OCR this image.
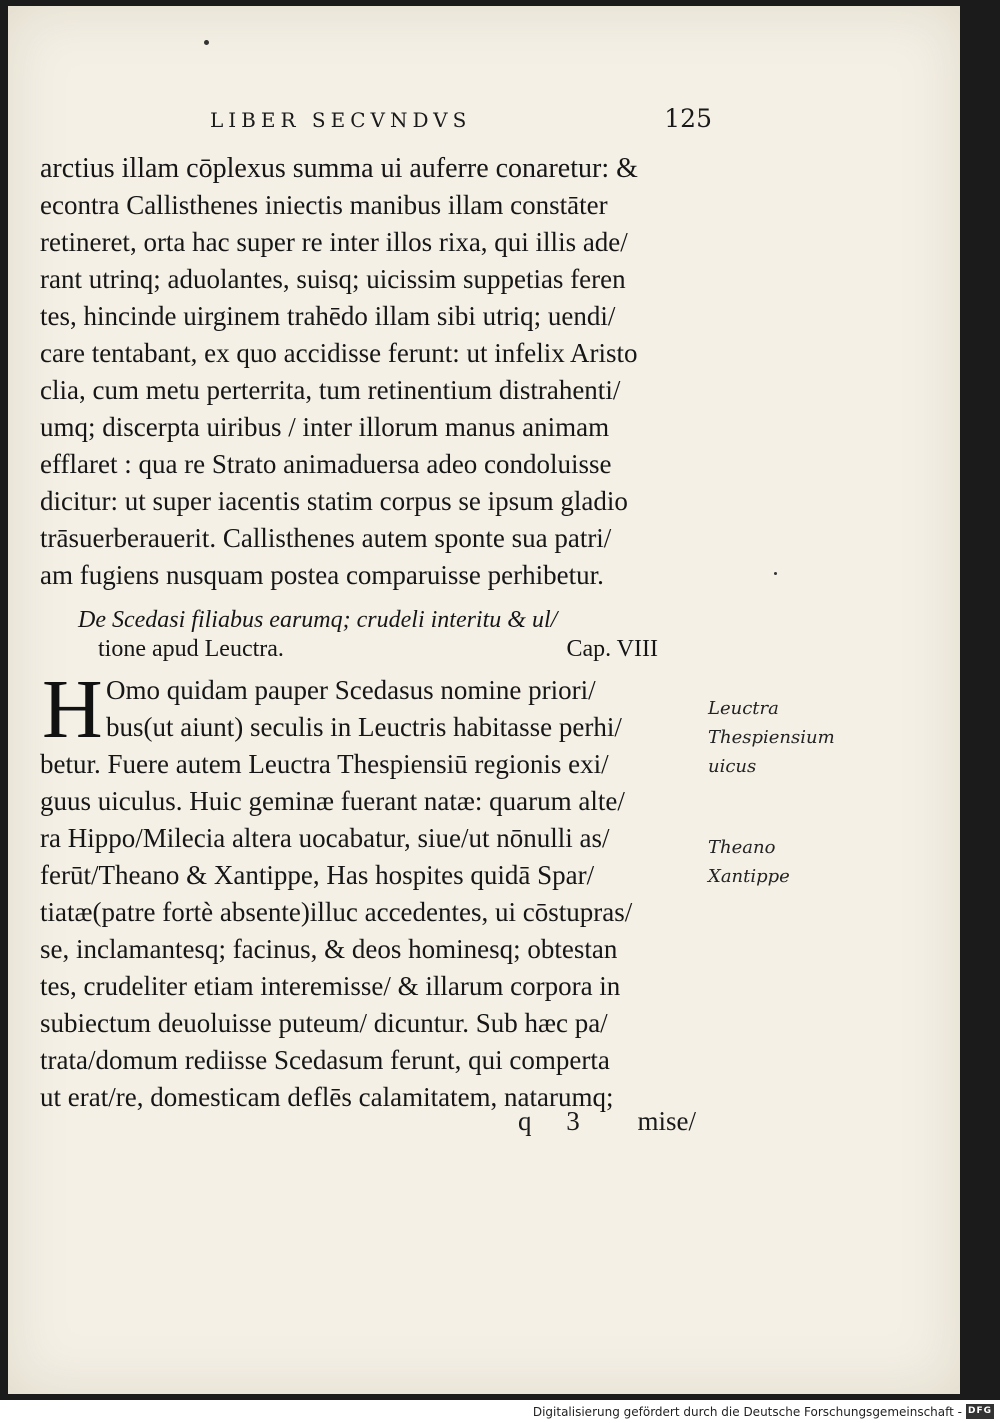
LIBER SECVNDVS	125
arctius illam cōplexus summa ui auferre conaretur: &
econtra Callisthenes iniectis manibus illam constāter
retineret, orta hac super re inter illos rixa, qui illis ade/
rant utrinq; aduolantes, suisq; uicissim suppetias feren
tes, hincinde uirginem trahēdo illam sibi utriq; uendi/
care tentabant, ex quo accidisse ferunt: ut infelix Aristo
clia, cum metu perterrita, tum retinentium distrahenti/
umq; discerpta uiribus / inter illorum manus animam
efflaret : qua re Strato animaduersa adeo condoluisse
dicitur: ut super iacentis statim corpus se ipsum gladio
trāsuerberauerit. Callisthenes autem sponte sua patri/
am fugiens nusquam postea comparuisse perhibetur.
De Scedasi filiabus earumq; crudeli interitu & ul/
tione apud Leuctra.	Cap. VIII
H Omo quidam pauper Scedasus nomine priori/
bus(ut aiunt) seculis in Leuctris habitasse perhi/
betur. Fuere autem Leuctra Thespiensiū regionis exi/
guus uiculus. Huic geminæ fuerant natæ: quarum alte/
ra Hippo/Milecia altera uocabatur, siue/ut nōnulli as/
ferūt/Theano & Xantippe, Has hospites quidā Spar/
tiatæ(patre fortè absente)illuc accedentes, ui cōstupras/
se, inclamantesq; facinus, & deos hominesq; obtestan
tes, crudeliter etiam interemisse/ & illarum corpora in
subiectum deuoluisse puteum/ dicuntur. Sub hæc pa/
trata/domum rediisse Scedasum ferunt, qui comperta
ut erat/re, domesticam deflēs calamitatem, natarumq;
q 3 mise/
Leuctra
Thespiensium
uicus
Theano
Xantippe
Digitalisierung gefördert durch die Deutsche Forschungsgemeinschaft - DFG
